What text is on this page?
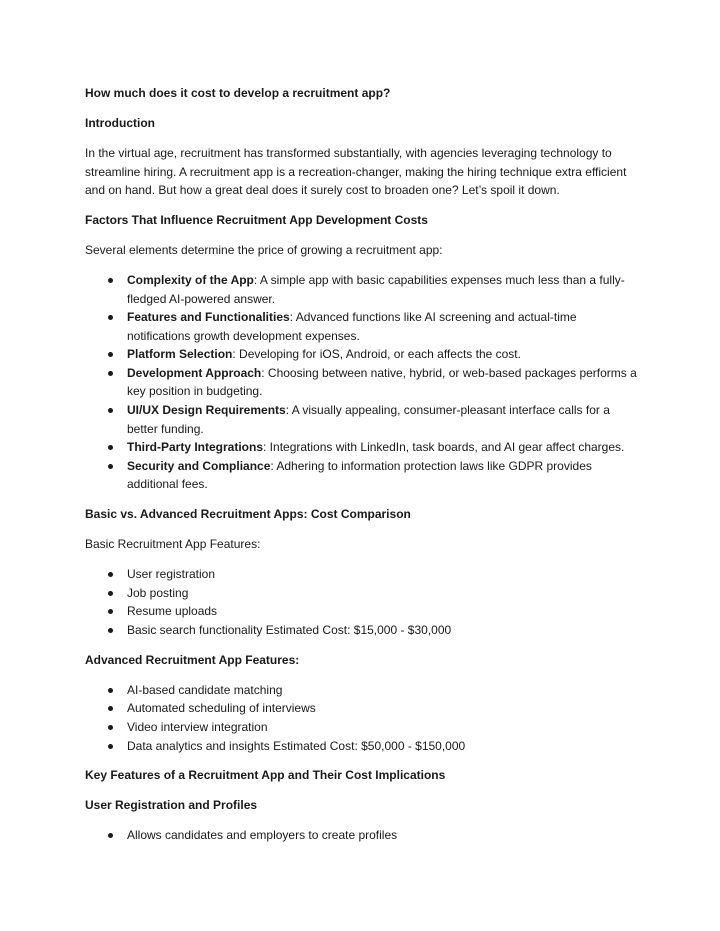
How much does it cost to develop a recruitment app?

Introduction

In the virtual age, recruitment has transformed substantially, with agencies leveraging technology to streamline hiring. A recruitment app is a recreation-changer, making the hiring technique extra efficient and on hand. But how a great deal does it surely cost to broaden one? Let’s spoil it down.

Factors That Influence Recruitment App Development Costs

Several elements determine the price of growing a recruitment app:

Complexity of the App: A simple app with basic capabilities expenses much less than a fully-fledged AI-powered answer.
Features and Functionalities: Advanced functions like AI screening and actual-time notifications growth development expenses.
Platform Selection: Developing for iOS, Android, or each affects the cost.
Development Approach: Choosing between native, hybrid, or web-based packages performs a key position in budgeting.
UI/UX Design Requirements: A visually appealing, consumer-pleasant interface calls for a better funding.
Third-Party Integrations: Integrations with LinkedIn, task boards, and AI gear affect charges.
Security and Compliance: Adhering to information protection laws like GDPR provides additional fees.

Basic vs. Advanced Recruitment Apps: Cost Comparison

Basic Recruitment App Features:

User registration
Job posting
Resume uploads
Basic search functionality Estimated Cost: $15,000 - $30,000

Advanced Recruitment App Features:

AI-based candidate matching
Automated scheduling of interviews
Video interview integration
Data analytics and insights Estimated Cost: $50,000 - $150,000

Key Features of a Recruitment App and Their Cost Implications

User Registration and Profiles

Allows candidates and employers to create profiles
